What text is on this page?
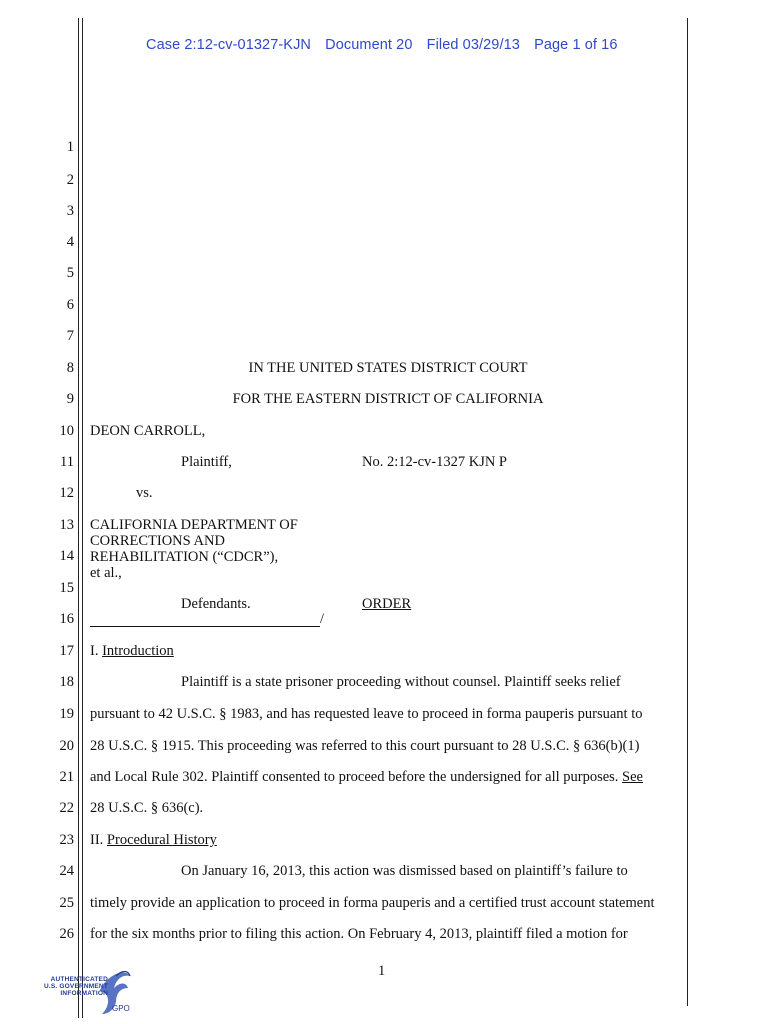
Case 2:12-cv-01327-KJN Document 20 Filed 03/29/13 Page 1 of 16
1
2
3
4
5
6
7
8
9
10
11
12
13
14
15
16
17
18
19
20
21
22
23
24
25
26
IN THE UNITED STATES DISTRICT COURT
FOR THE EASTERN DISTRICT OF CALIFORNIA
DEON CARROLL,
Plaintiff,	No. 2:12-cv-1327 KJN P
vs.
CALIFORNIA DEPARTMENT OF
CORRECTIONS AND
REHABILITATION (“CDCR”),
et al.,
Defendants.	ORDER
/
I. Introduction
Plaintiff is a state prisoner proceeding without counsel. Plaintiff seeks relief
pursuant to 42 U.S.C. § 1983, and has requested leave to proceed in forma pauperis pursuant to
28 U.S.C. § 1915. This proceeding was referred to this court pursuant to 28 U.S.C. § 636(b)(1)
and Local Rule 302. Plaintiff consented to proceed before the undersigned for all purposes. See
28 U.S.C. § 636(c).
II. Procedural History
On January 16, 2013, this action was dismissed based on plaintiff’s failure to
timely provide an application to proceed in forma pauperis and a certified trust account statement
for the six months prior to filing this action. On February 4, 2013, plaintiff filed a motion for
1
AUTHENTICATED
U.S. GOVERNMENT
INFORMATION
GPO
